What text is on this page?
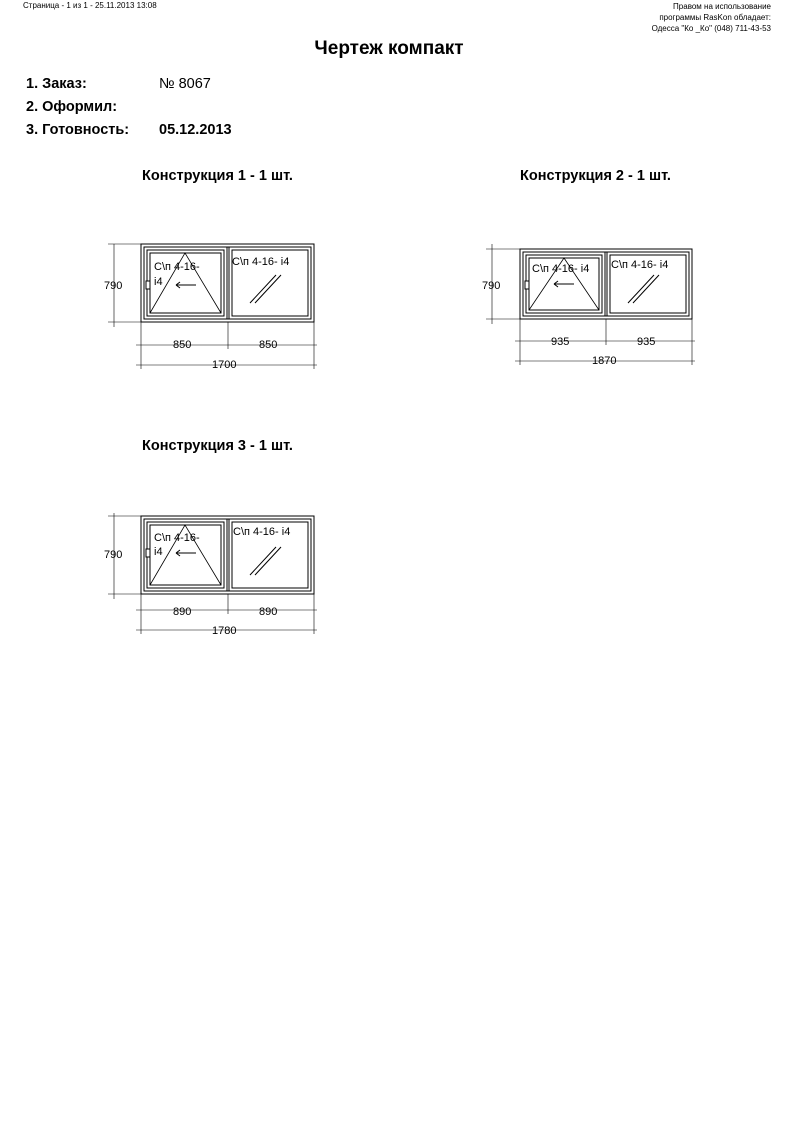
Страница - 1 из 1 - 25.11.2013 13:08	Правом на использование
программы RasKon обладает:
Одесса "Ко _Ко" (048) 711-43-53
Чертеж компакт
1. Заказ:	№ 8067
2. Оформил:
3. Готовность: 05.12.2013
Конструкция 1 - 1 шт.
С\п 4-16-
i4
С\п 4-16- i4
790
850	850
1700
Конструкция 2 - 1 шт.
С\п 4-16- i4 С\п 4-16- i4
790
935	935
1870
Конструкция 3 - 1 шт.
С\п 4-16-
i4
С\п 4-16- i4
790
890	890
1780
